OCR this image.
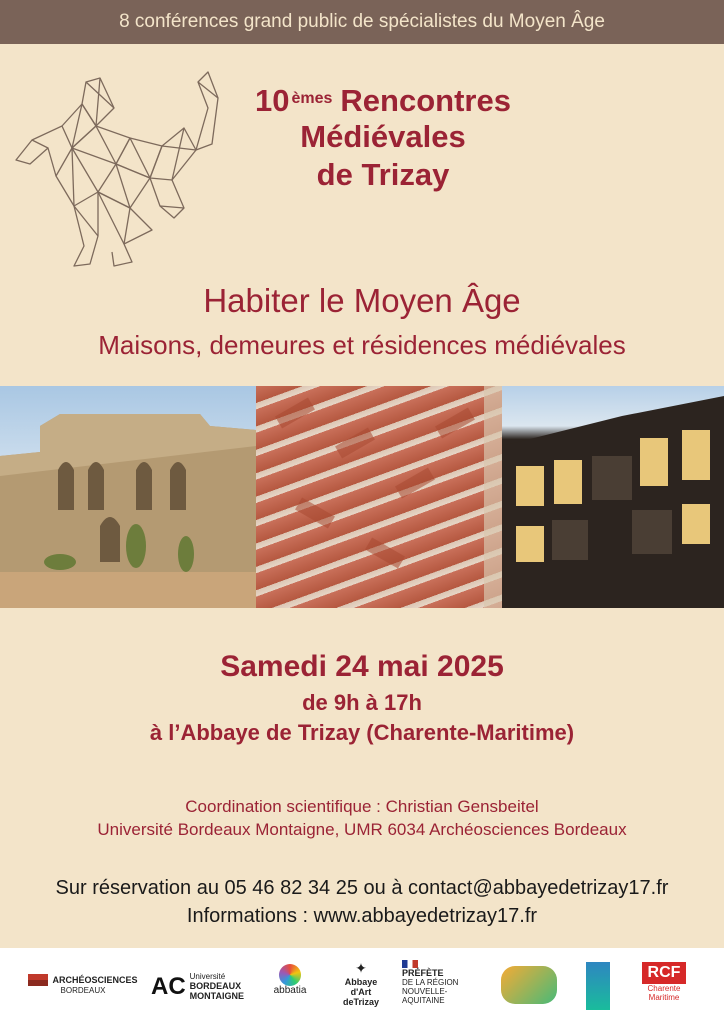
8 conférences grand public de spécialistes du Moyen Âge
10 $^{èmes}$ Rencontres
Médiévales
de Trizay
Habiter le Moyen Âge
Maisons, demeures et résidences médiévales
Samedi 24 mai 2025
de 9h à 17h
à l’Abbaye de Trizay (Charente-Maritime)
Coordination scientifique : Christian Gensbeitel
Université Bordeaux Montaigne, UMR 6034 Archéosciences Bordeaux
Sur réservation au 05 46 82 34 25 ou à contact@abbayedetrizay17.fr
Informations : www.abbayedetrizay17.fr
ARCHÉOSCIENCES
BORDEAUX AC Université
BORDEAUX
MONTAIGNE	abbatia
✦
Abbaye
d'Art
deTrizay
PRÉFÈTE
DE LA RÉGION
NOUVELLE-AQUITAINE
RCF
Charente
Maritime
